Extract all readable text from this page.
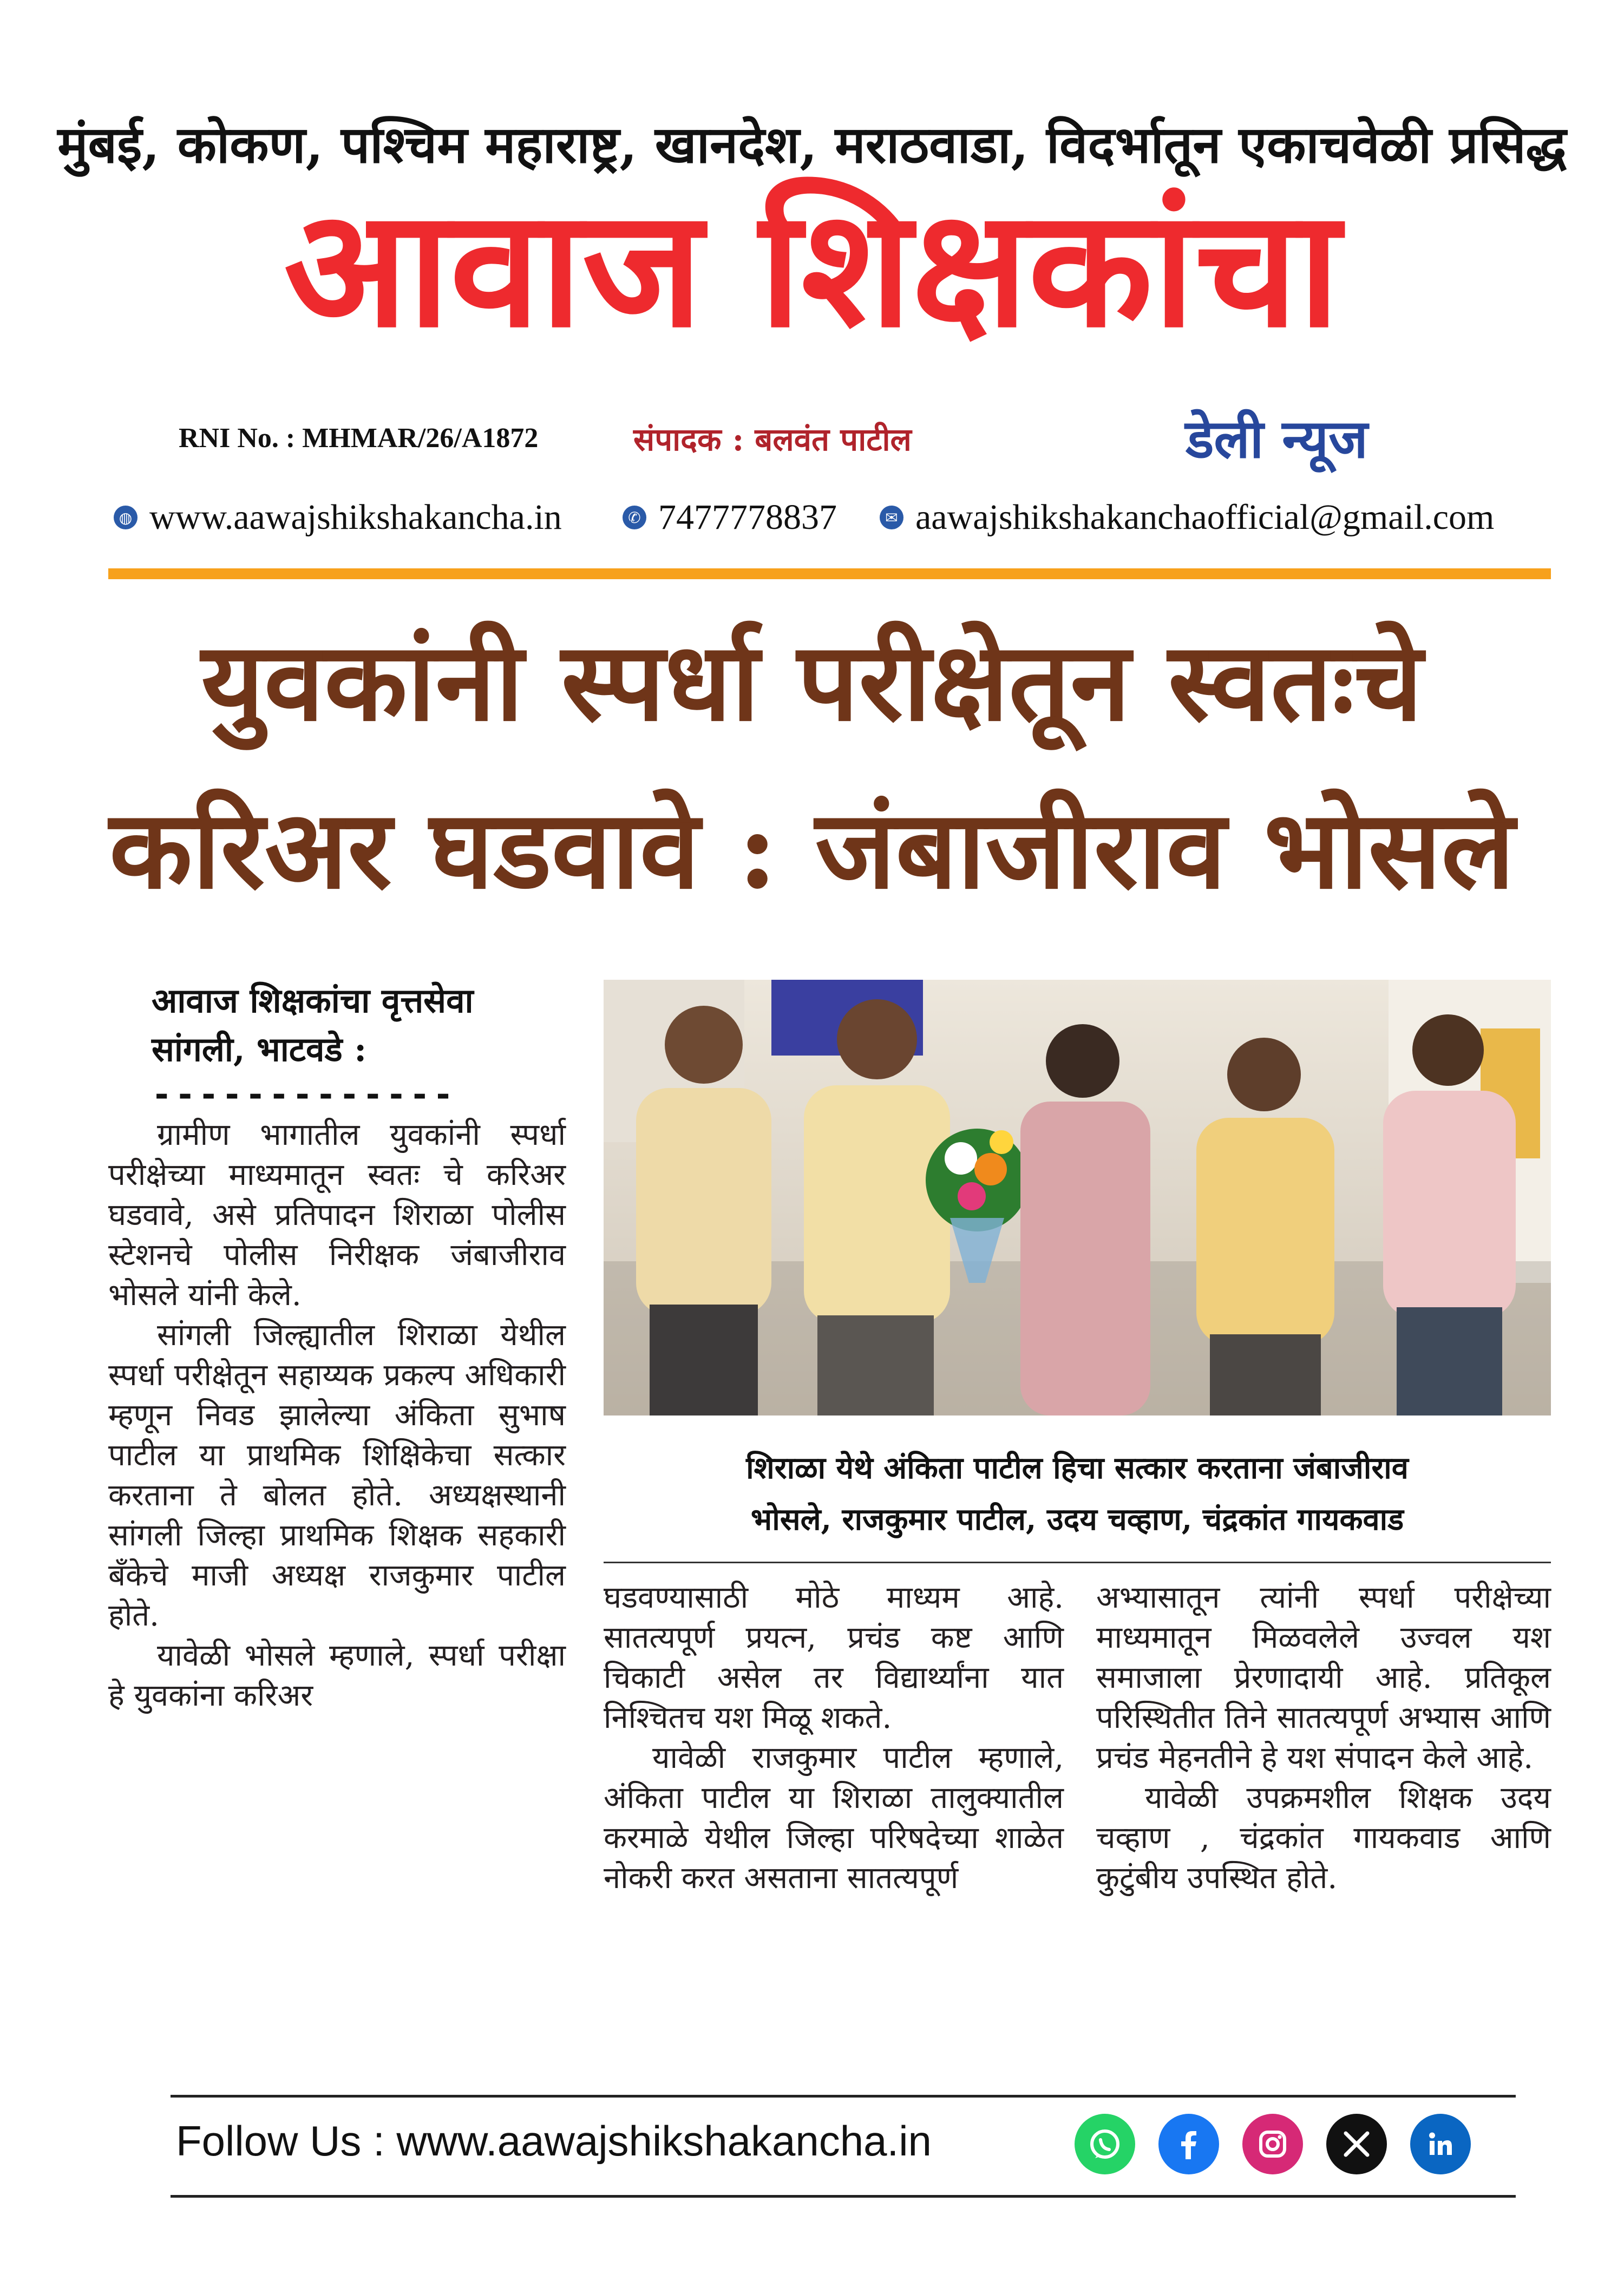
मुंबई, कोकण, पश्चिम महाराष्ट्र, खानदेश, मराठवाडा, विदर्भातून एकाचवेळी प्रसिद्ध
आवाज शिक्षकांचा
RNI No. : MHMAR/26/A1872	संपादक : बलवंत पाटील	डेली न्यूज
◍ www.aawajshikshakancha.in	✆ 7477778837	✉ aawajshikshakanchaofficial@gmail.com
युवकांनी स्पर्धा परीक्षेतून स्वतःचे
करिअर घडवावे : जंबाजीराव भोसले
आवाज शिक्षकांचा वृत्तसेवा
सांगली, भाटवडे :
-------------

ग्रामीण भागातील युवकांनी स्पर्धा परीक्षेच्या माध्यमातून स्वतः चे करिअर घडवावे, असे प्रतिपादन शिराळा पोलीस स्टेशनचे पोलीस निरीक्षक जंबाजीराव भोसले यांनी केले.

सांगली जिल्ह्यातील शिराळा येथील स्पर्धा परीक्षेतून सहाय्यक प्रकल्प अधिकारी म्हणून निवड झालेल्या अंकिता सुभाष पाटील या प्राथमिक शिक्षिकेचा सत्कार करताना ते बोलत होते. अध्यक्षस्थानी सांगली जिल्हा प्राथमिक शिक्षक सहकारी बँकेचे माजी अध्यक्ष राजकुमार पाटील होते.

यावेळी भोसले म्हणाले, स्पर्धा परीक्षा हे युवकांना करिअर

शिराळा येथे अंकिता पाटील हिचा सत्कार करताना जंबाजीराव
भोसले, राजकुमार पाटील, उदय चव्हाण, चंद्रकांत गायकवाड

घडवण्यासाठी मोठे माध्यम आहे. सातत्यपूर्ण प्रयत्न, प्रचंड कष्ट आणि चिकाटी असेल तर विद्यार्थ्यांना यात निश्चितच यश मिळू शकते.

यावेळी राजकुमार पाटील म्हणाले, अंकिता पाटील या शिराळा तालुक्यातील करमाळे येथील जिल्हा परिषदेच्या शाळेत नोकरी करत असताना सातत्यपूर्ण

अभ्यासातून त्यांनी स्पर्धा परीक्षेच्या माध्यमातून मिळवलेले उज्वल यश समाजाला प्रेरणादायी आहे. प्रतिकूल परिस्थितीत तिने सातत्यपूर्ण अभ्यास आणि प्रचंड मेहनतीने हे यश संपादन केले आहे.

यावेळी उपक्रमशील शिक्षक उदय चव्हाण , चंद्रकांत गायकवाड आणि कुटुंबीय उपस्थित होते.

Follow Us : www.aawajshikshakancha.in
